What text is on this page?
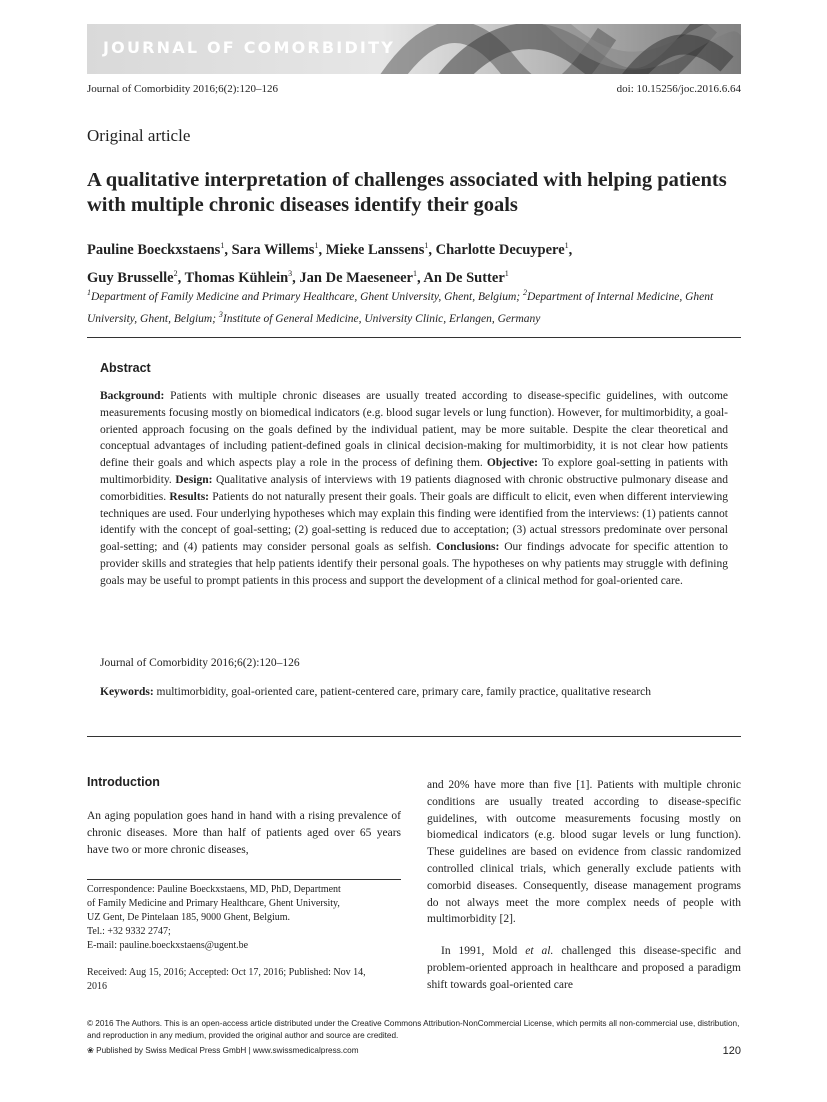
JOURNAL OF COMORBIDITY
Journal of Comorbidity 2016;6(2):120–126	doi: 10.15256/joc.2016.6.64
Original article
A qualitative interpretation of challenges associated with helping patients with multiple chronic diseases identify their goals
Pauline Boeckxstaens$^1$, Sara Willems$^1$, Mieke Lanssens$^1$, Charlotte Decuypere$^1$,
Guy Brusselle$^2$, Thomas Kühlein$^3$, Jan De Maeseneer$^1$, An De Sutter$^1$
$^1$Department of Family Medicine and Primary Healthcare, Ghent University, Ghent, Belgium; $^2$Department of Internal Medicine, Ghent University, Ghent, Belgium; $^3$Institute of General Medicine, University Clinic, Erlangen, Germany
Abstract
Background: Patients with multiple chronic diseases are usually treated according to disease-specific guidelines, with outcome measurements focusing mostly on biomedical indicators (e.g. blood sugar levels or lung function). However, for multimorbidity, a goal-oriented approach focusing on the goals defined by the individual patient, may be more suitable. Despite the clear theoretical and conceptual advantages of including patient-defined goals in clinical decision-making for multimorbidity, it is not clear how patients define their goals and which aspects play a role in the process of defining them. Objective: To explore goal-setting in patients with multimorbidity. Design: Qualitative analysis of interviews with 19 patients diagnosed with chronic obstructive pulmonary disease and comorbidities. Results: Patients do not naturally present their goals. Their goals are difficult to elicit, even when different interviewing techniques are used. Four underlying hypotheses which may explain this finding were identified from the interviews: (1) patients cannot identify with the concept of goal-setting; (2) goal-setting is reduced due to acceptation; (3) actual stressors predominate over personal goal-setting; and (4) patients may consider personal goals as selfish. Conclusions: Our findings advocate for specific attention to provider skills and strategies that help patients identify their personal goals. The hypotheses on why patients may struggle with defining goals may be useful to prompt patients in this process and support the development of a clinical method for goal-oriented care.
Journal of Comorbidity 2016;6(2):120–126
Keywords: multimorbidity, goal-oriented care, patient-centered care, primary care, family practice, qualitative research
Introduction
An aging population goes hand in hand with a rising prevalence of chronic diseases. More than half of patients aged over 65 years have two or more chronic diseases,
Correspondence: Pauline Boeckxstaens, MD, PhD, Department
of Family Medicine and Primary Healthcare, Ghent University,
UZ Gent, De Pintelaan 185, 9000 Ghent, Belgium.
Tel.: +32 9332 2747;
E-mail: pauline.boeckxstaens@ugent.be
Received: Aug 15, 2016; Accepted: Oct 17, 2016; Published: Nov 14, 2016
and 20% have more than five [1]. Patients with multiple chronic conditions are usually treated according to disease-specific guidelines, with outcome measurements focusing mostly on biomedical indicators (e.g. blood sugar levels or lung function). These guidelines are based on evidence from classic randomized controlled clinical trials, which generally exclude patients with comorbid diseases. Consequently, disease management programs do not always meet the more complex needs of people with multimorbidity [2].
In 1991, Mold et al. challenged this disease-specific and problem-oriented approach in healthcare and proposed a paradigm shift towards goal-oriented care
© 2016 The Authors. This is an open-access article distributed under the Creative Commons Attribution-NonCommercial License, which permits all non-commercial use, distribution, and reproduction in any medium, provided the original author and source are credited.
❀ Published by Swiss Medical Press GmbH | www.swissmedicalpress.com	120
